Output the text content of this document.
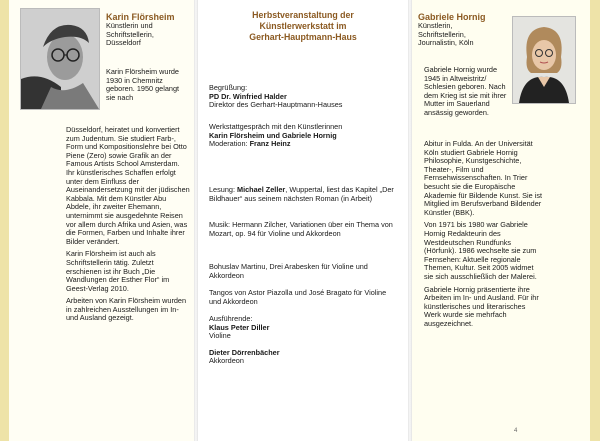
Karin Flörsheim
Künstlerin und
Schriftstellerin,
Düsseldorf

Karin Flörsheim wurde 1930 in Chemnitz geboren. 1950 gelangt sie nach

Düsseldorf, heiratet und konvertiert zum Judentum. Sie studiert Farb-, Form und Kompositionslehre bei Otto Piene (Zero) sowie Grafik an der Famous Artists School Amsterdam. Ihr künstlerisches Schaffen erfolgt unter dem Einfluss der Auseinandersetzung mit der jüdischen Kabbala. Mit dem Künstler Abu Abdele, ihr zweiter Ehemann, unternimmt sie ausgedehnte Reisen vor allem durch Afrika und Asien, was die Formen, Farben und Inhalte ihrer Bilder verändert.

Karin Flörsheim ist auch als Schriftstellerin tätig. Zuletzt erschienen ist ihr Buch „Die Wandlungen der Esther Flor“ im Geest-Verlag 2010.

Arbeiten von Karin Flörsheim wurden in zahlreichen Ausstellungen im In- und Ausland gezeigt.

Herbstveranstaltung der
Künstlerwerkstatt im
Gerhart-Hauptmann-Haus
Begrüßung:
PD Dr. Winfried Halder
Direktor des Gerhart-Hauptmann-Hauses
Werkstattgespräch mit den Künstlerinnen
Karin Flörsheim und Gabriele Hornig
Moderation: Franz Heinz
Lesung: Michael Zeller, Wuppertal, liest das Kapitel „Der Bildhauer“ aus seinem nächsten Roman (in Arbeit)
Musik: Hermann Zilcher, Variationen über ein Thema von Mozart, op. 94 für Violine und Akkordeon
Bohuslav Martinu, Drei Arabesken für Violine und Akkordeon
Tangos von Astor Piazolla und José Bragato für Violine und Akkordeon
Ausführende:
Klaus Peter Diller
Violine
Dieter Dörrenbächer
Akkordeon
Gabriele Hornig
Künstlerin,
Schriftstellerin,
Journalistin, Köln

Gabriele Hornig wurde 1945 in Altweistritz/ Schlesien geboren. Nach dem Krieg ist sie mit ihrer Mutter im Sauerland ansässig geworden.

Abitur in Fulda. An der Universität Köln studiert Gabriele Hornig Philosophie, Kunstgeschichte, Theater-, Film und Fernsehwissenschaften. In Trier besucht sie die Europäische Akademie für Bildende Kunst. Sie ist Mitglied im Berufsverband Bildender Künstler (BBK).

Von 1971 bis 1980 war Gabriele Hornig Redakteurin des Westdeutschen Rundfunks (Hörfunk). 1986 wechselte sie zum Fernsehen: Aktuelle regionale Themen, Kultur. Seit 2005 widmet sie sich ausschließlich der Malerei.

Gabriele Hornig präsentierte ihre Arbeiten im In- und Ausland. Für ihr künstlerisches und literarisches Werk wurde sie mehrfach ausgezeichnet.

4
